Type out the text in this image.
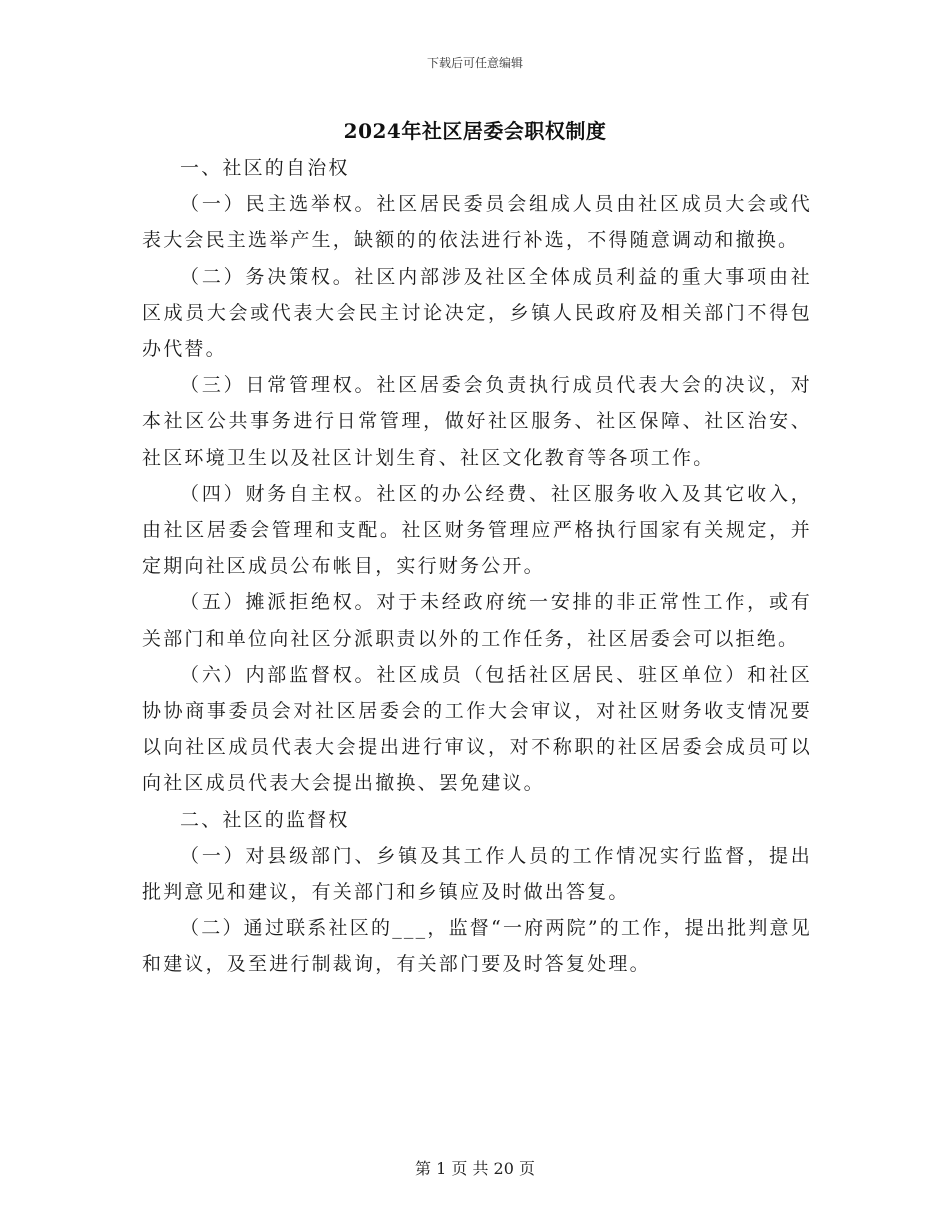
下载后可任意编辑
2024年社区居委会职权制度

一、社区的自治权

（一）民主选举权。社区居民委员会组成人员由社区成员大会或代表大会民主选举产生，缺额的的依法进行补选，不得随意调动和撤换。

（二）务决策权。社区内部涉及社区全体成员利益的重大事项由社区成员大会或代表大会民主讨论决定，乡镇人民政府及相关部门不得包办代替。

（三）日常管理权。社区居委会负责执行成员代表大会的决议，对本社区公共事务进行日常管理，做好社区服务、社区保障、社区治安、社区环境卫生以及社区计划生育、社区文化教育等各项工作。

（四）财务自主权。社区的办公经费、社区服务收入及其它收入，由社区居委会管理和支配。社区财务管理应严格执行国家有关规定，并定期向社区成员公布帐目，实行财务公开。

（五）摊派拒绝权。对于未经政府统一安排的非正常性工作，或有关部门和单位向社区分派职责以外的工作任务，社区居委会可以拒绝。

（六）内部监督权。社区成员（包括社区居民、驻区单位）和社区协协商事委员会对社区居委会的工作大会审议，对社区财务收支情况要以向社区成员代表大会提出进行审议，对不称职的社区居委会成员可以向社区成员代表大会提出撤换、罢免建议。

二、社区的监督权

（一）对县级部门、乡镇及其工作人员的工作情况实行监督，提出批判意见和建议，有关部门和乡镇应及时做出答复。

（二）通过联系社区的___，监督“一府两院”的工作，提出批判意见和建议，及至进行制裁询，有关部门要及时答复处理。

第 1 页 共 20 页
